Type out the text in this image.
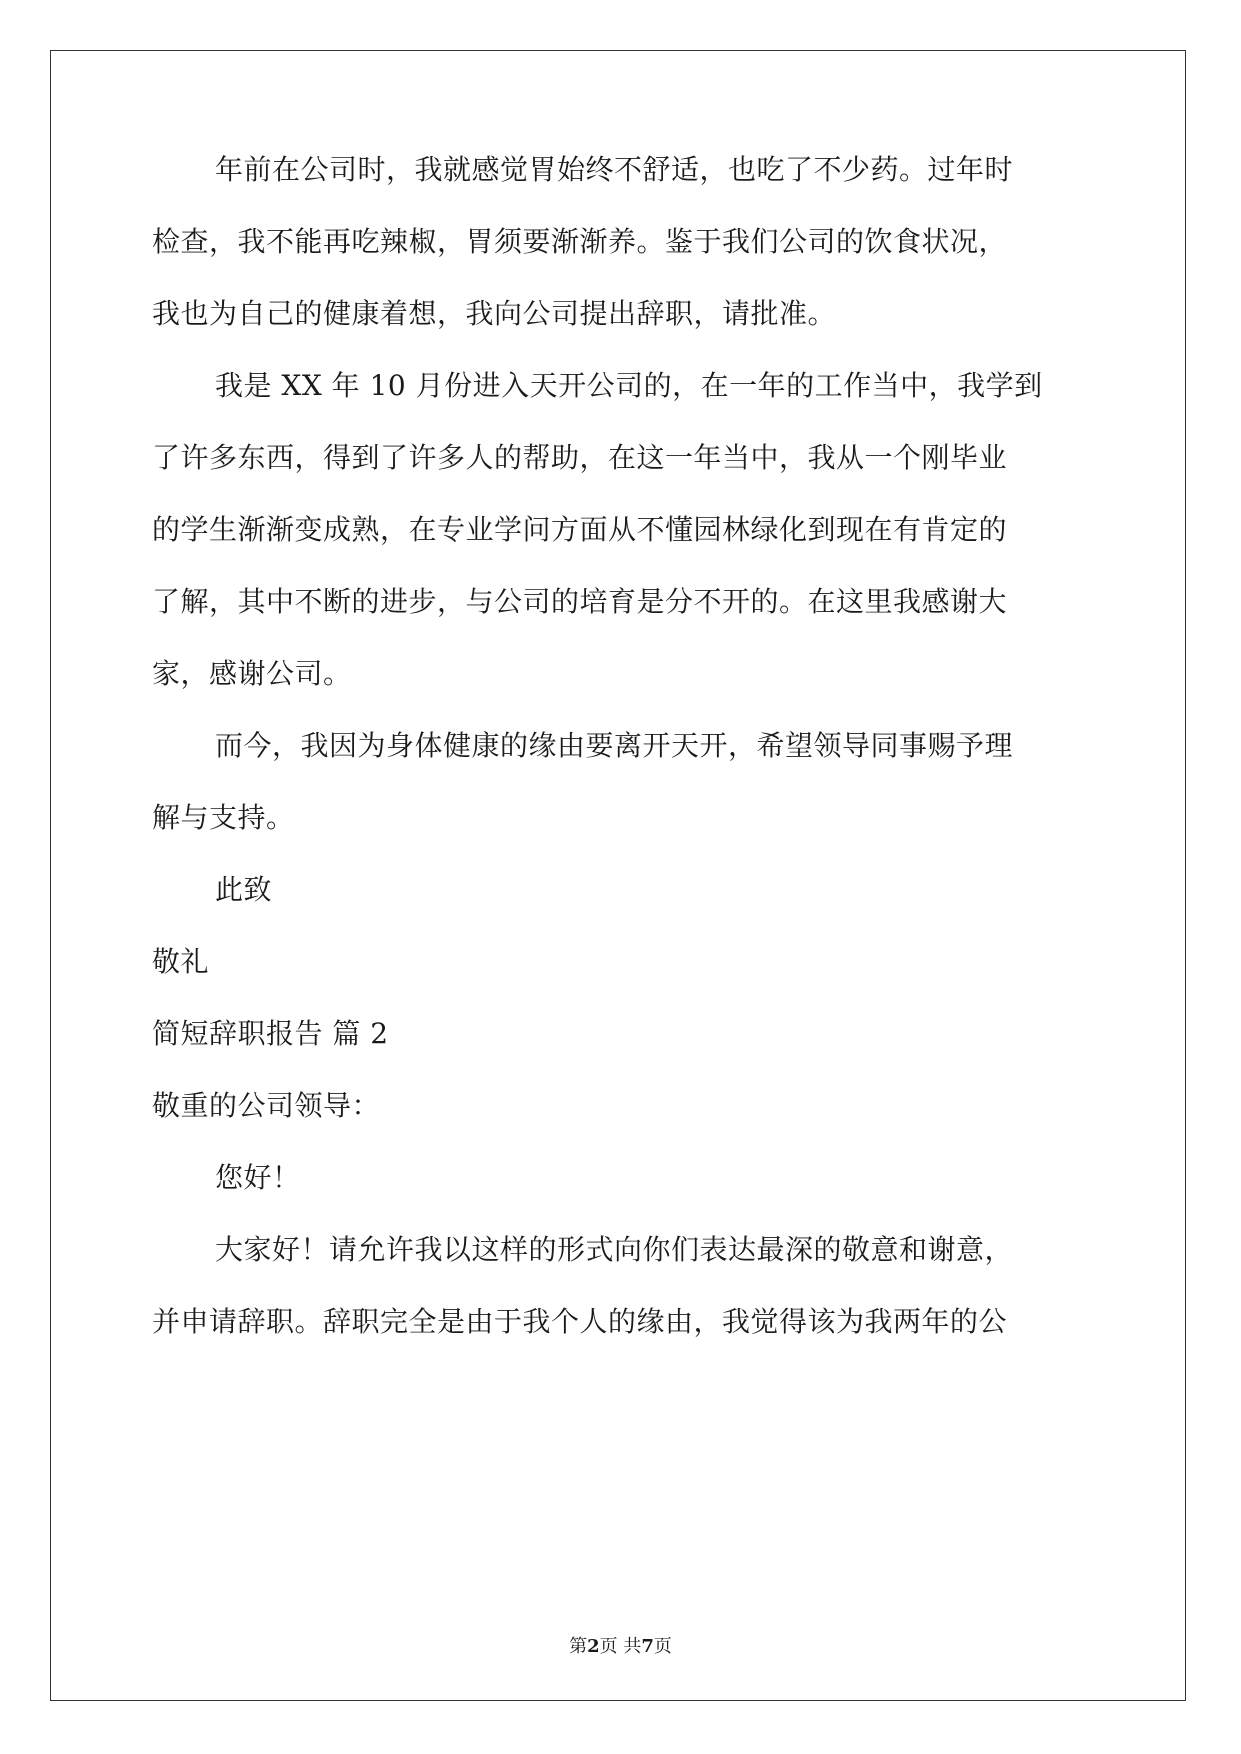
年前在公司时，我就感觉胃始终不舒适，也吃了不少药。过年时
检查，我不能再吃辣椒，胃须要渐渐养。鉴于我们公司的饮食状况，
我也为自己的健康着想，我向公司提出辞职，请批准。
我是 XX 年 10 月份进入天开公司的，在一年的工作当中，我学到
了许多东西，得到了许多人的帮助，在这一年当中，我从一个刚毕业
的学生渐渐变成熟，在专业学问方面从不懂园林绿化到现在有肯定的
了解，其中不断的进步，与公司的培育是分不开的。在这里我感谢大
家，感谢公司。
而今，我因为身体健康的缘由要离开天开，希望领导同事赐予理
解与支持。
此致
敬礼
简短辞职报告 篇 2
敬重的公司领导：
您好！
大家好！请允许我以这样的形式向你们表达最深的敬意和谢意，
并申请辞职。辞职完全是由于我个人的缘由，我觉得该为我两年的公
第2页 共7页
